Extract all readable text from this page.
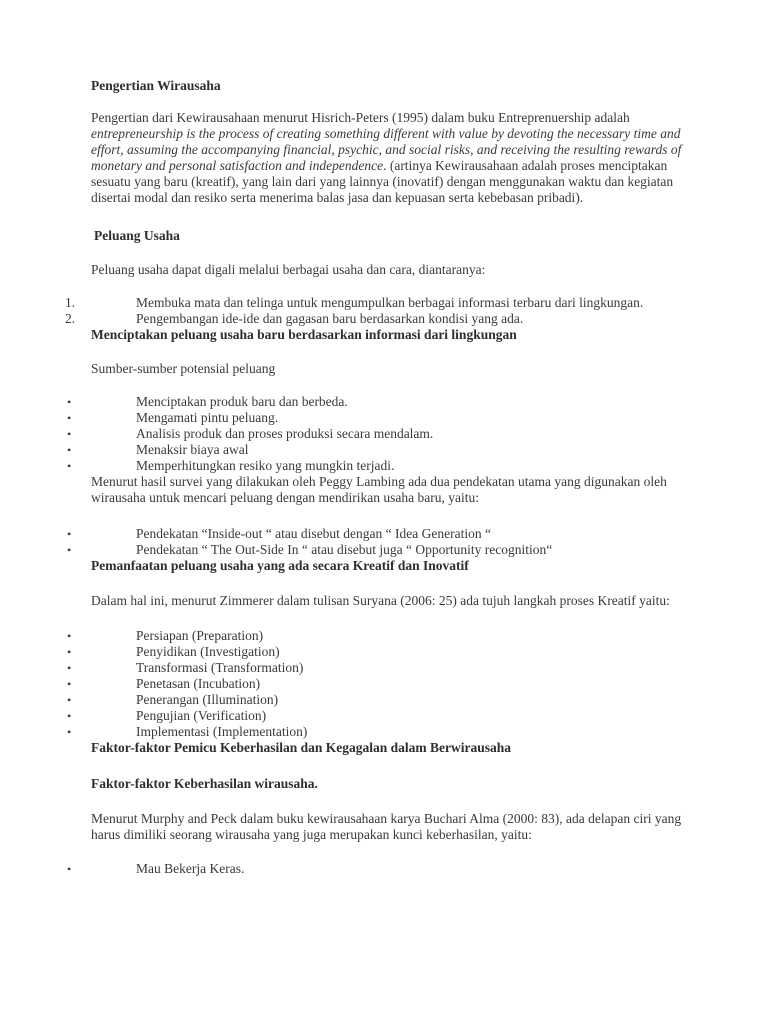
Pengertian Wirausaha

Pengertian dari Kewirausahaan menurut Hisrich-Peters (1995) dalam buku Entreprenuership adalah entrepreneurship is the process of creating something different with value by devoting the necessary time and effort, assuming the accompanying financial, psychic, and social risks, and receiving the resulting rewards of monetary and personal satisfaction and independence. (artinya Kewirausahaan adalah proses menciptakan sesuatu yang baru (kreatif), yang lain dari yang lainnya (inovatif) dengan menggunakan waktu dan kegiatan disertai modal dan resiko serta menerima balas jasa dan kepuasan serta kebebasan pribadi).

Peluang Usaha

Peluang usaha dapat digali melalui berbagai usaha dan cara, diantaranya:

1.	Membuka mata dan telinga untuk mengumpulkan berbagai informasi terbaru dari lingkungan.
2.	Pengembangan ide-ide dan gagasan baru berdasarkan kondisi yang ada.

Menciptakan peluang usaha baru berdasarkan informasi dari lingkungan

Sumber-sumber potensial peluang

•	Menciptakan produk baru dan berbeda.
•	Mengamati pintu peluang.
•	Analisis produk dan proses produksi secara mendalam.
•	Menaksir biaya awal
•	Memperhitungkan resiko yang mungkin terjadi.

Menurut hasil survei yang dilakukan oleh Peggy Lambing ada dua pendekatan utama yang digunakan oleh wirausaha untuk mencari peluang dengan mendirikan usaha baru, yaitu:

•	Pendekatan “Inside-out “ atau disebut dengan “ Idea Generation “
•	Pendekatan “ The Out-Side In “ atau disebut juga “ Opportunity recognition“

Pemanfaatan peluang usaha yang ada secara Kreatif dan Inovatif

Dalam hal ini, menurut Zimmerer dalam tulisan Suryana (2006: 25) ada tujuh langkah proses Kreatif yaitu:

•	Persiapan (Preparation)
•	Penyidikan (Investigation)
•	Transformasi (Transformation)
•	Penetasan (Incubation)
•	Penerangan (Illumination)
•	Pengujian (Verification)
•	Implementasi (Implementation)

Faktor-faktor Pemicu Keberhasilan dan Kegagalan dalam Berwirausaha

Faktor-faktor Keberhasilan wirausaha.

Menurut Murphy and Peck dalam buku kewirausahaan karya Buchari Alma (2000: 83), ada delapan ciri yang harus dimiliki seorang wirausaha yang juga merupakan kunci keberhasilan, yaitu:

•	Mau Bekerja Keras.
